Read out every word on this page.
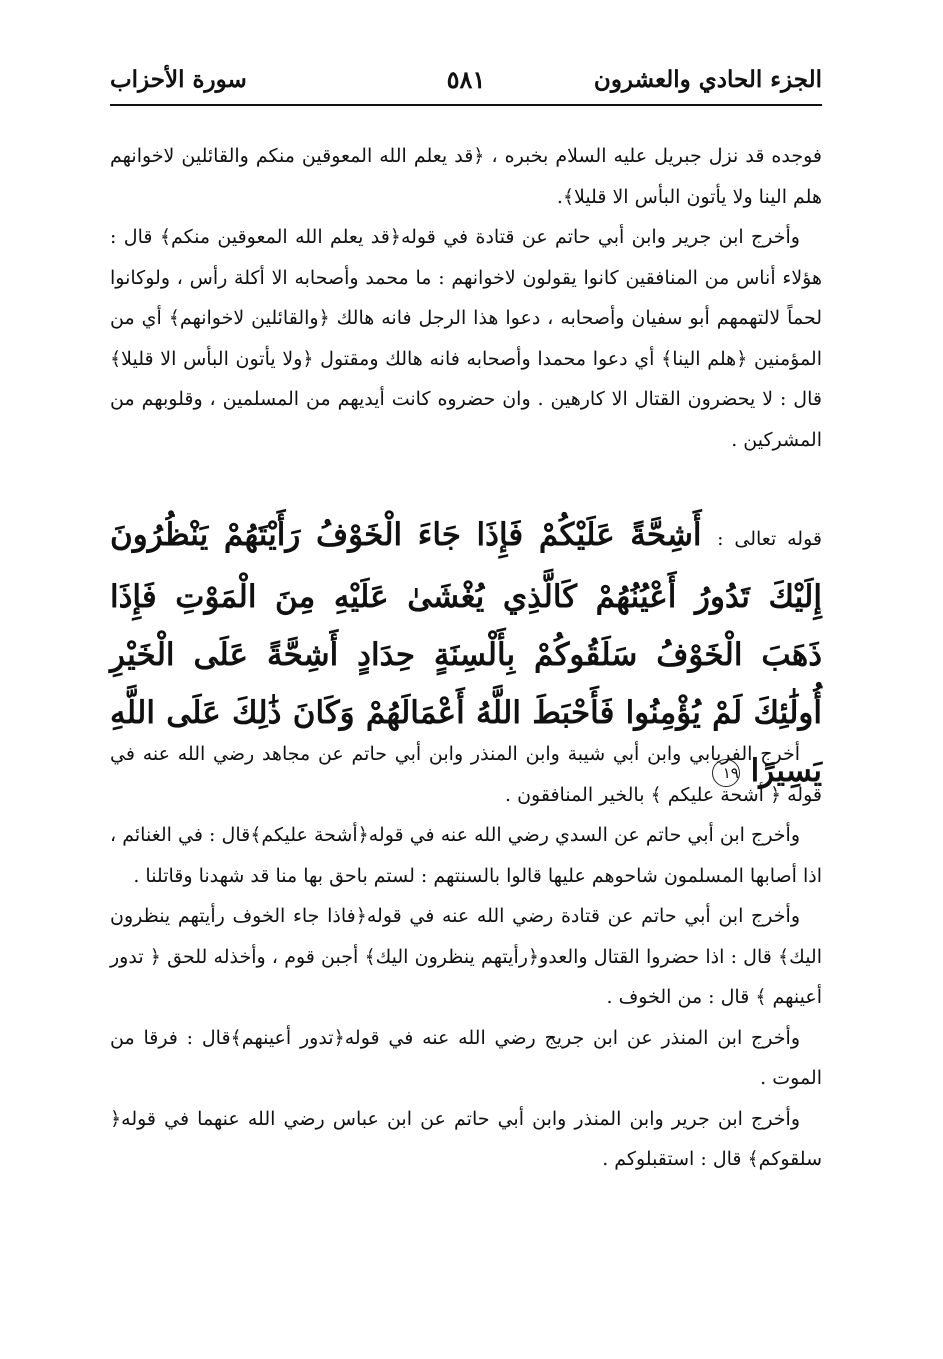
الجزء الحادي والعشرون
٥٨١
سورة الأحزاب

فوجده قد نزل جبريل عليه السلام بخبره ، ﴿قد يعلم الله المعوقين منكم والقائلين لاخوانهم هلم الينا ولا يأتون البأس الا قليلا﴾.

وأخرج ابن جرير وابن أبي حاتم عن قتادة في قوله﴿قد يعلم الله المعوقين منكم﴾ قال : هؤلاء أناس من المنافقين كانوا يقولون لاخوانهم : ما محمد وأصحابه الا أكلة رأس ، ولوكانوا لحماً لالتهمهم أبو سفيان وأصحابه ، دعوا هذا الرجل فانه هالك ﴿والقائلين لاخوانهم﴾ أي من المؤمنين ﴿هلم الينا﴾ أي دعوا محمدا وأصحابه فانه هالك ومقتول ﴿ولا يأتون البأس الا قليلا﴾ قال : لا يحضرون القتال الا كارهين . وان حضروه كانت أيديهم من المسلمين ، وقلوبهم من المشركين .

قوله تعالى : أَشِحَّةً عَلَيْكُمْ فَإِذَا جَاءَ الْخَوْفُ رَأَيْتَهُمْ يَنْظُرُونَ إِلَيْكَ تَدُورُ أَعْيُنُهُمْ كَالَّذِي يُغْشَىٰ عَلَيْهِ مِنَ الْمَوْتِ فَإِذَا ذَهَبَ الْخَوْفُ سَلَقُوكُمْ بِأَلْسِنَةٍ حِدَادٍ أَشِحَّةً عَلَى الْخَيْرِ أُولَٰئِكَ لَمْ يُؤْمِنُوا فَأَحْبَطَ اللَّهُ أَعْمَالَهُمْ وَكَانَ ذَٰلِكَ عَلَى اللَّهِ يَسِيرًا ١٩

أخرج الفريابي وابن أبي شيبة وابن المنذر وابن أبي حاتم عن مجاهد رضي الله عنه في قوله ﴿ أشحة عليكم ﴾ بالخير المنافقون .

وأخرج ابن أبي حاتم عن السدي رضي الله عنه في قوله﴿أشحة عليكم﴾قال : في الغنائم ، اذا أصابها المسلمون شاحوهم عليها قالوا بالسنتهم : لستم باحق بها منا قد شهدنا وقاتلنا .

وأخرج ابن أبي حاتم عن قتادة رضي الله عنه في قوله﴿فاذا جاء الخوف رأيتهم ينظرون اليك﴾ قال : اذا حضروا القتال والعدو﴿رأيتهم ينظرون اليك﴾ أجبن قوم ، وأخذله للحق ﴿ تدور أعينهم ﴾ قال : من الخوف .

وأخرج ابن المنذر عن ابن جريج رضي الله عنه في قوله﴿تدور أعينهم﴾قال : فرقا من الموت .

وأخرج ابن جرير وابن المنذر وابن أبي حاتم عن ابن عباس رضي الله عنهما في قوله﴿ سلقوكم﴾ قال : استقبلوكم .
